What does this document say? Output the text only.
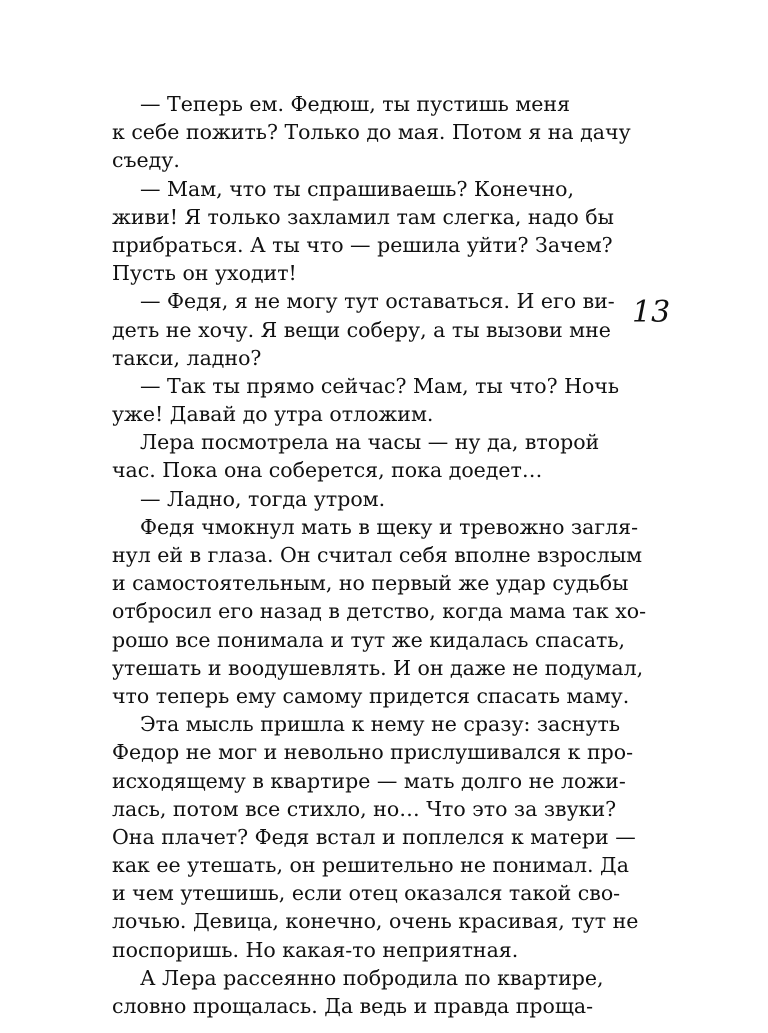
— Теперь ем. Федюш, ты пустишь меня
к себе пожить? Только до мая. Потом я на дачу
съеду.
— Мам, что ты спрашиваешь? Конечно,
живи! Я только захламил там слегка, надо бы
прибраться. А ты что — решила уйти? Зачем?
Пусть он уходит!
— Федя, я не могу тут оставаться. И его ви-
деть не хочу. Я вещи соберу, а ты вызови мне
такси, ладно?
— Так ты прямо сейчас? Мам, ты что? Ночь
уже! Давай до утра отложим.
Лера посмотрела на часы — ну да, второй
час. Пока она соберется, пока доедет…
— Ладно, тогда утром.
Федя чмокнул мать в щеку и тревожно загля-
нул ей в глаза. Он считал себя вполне взрослым
и самостоятельным, но первый же удар судьбы
отбросил его назад в детство, когда мама так хо-
рошо все понимала и тут же кидалась спасать,
утешать и воодушевлять. И он даже не подумал,
что теперь ему самому придется спасать маму.
Эта мысль пришла к нему не сразу: заснуть
Федор не мог и невольно прислушивался к про-
исходящему в квартире — мать долго не ложи-
лась, потом все стихло, но… Что это за звуки?
Она плачет? Федя встал и поплелся к матери —
как ее утешать, он решительно не понимал. Да
и чем утешишь, если отец оказался такой сво-
лочью. Девица, конечно, очень красивая, тут не
поспоришь. Но какая-то неприятная.
А Лера рассеянно побродила по квартире,
словно прощалась. Да ведь и правда проща-
13
